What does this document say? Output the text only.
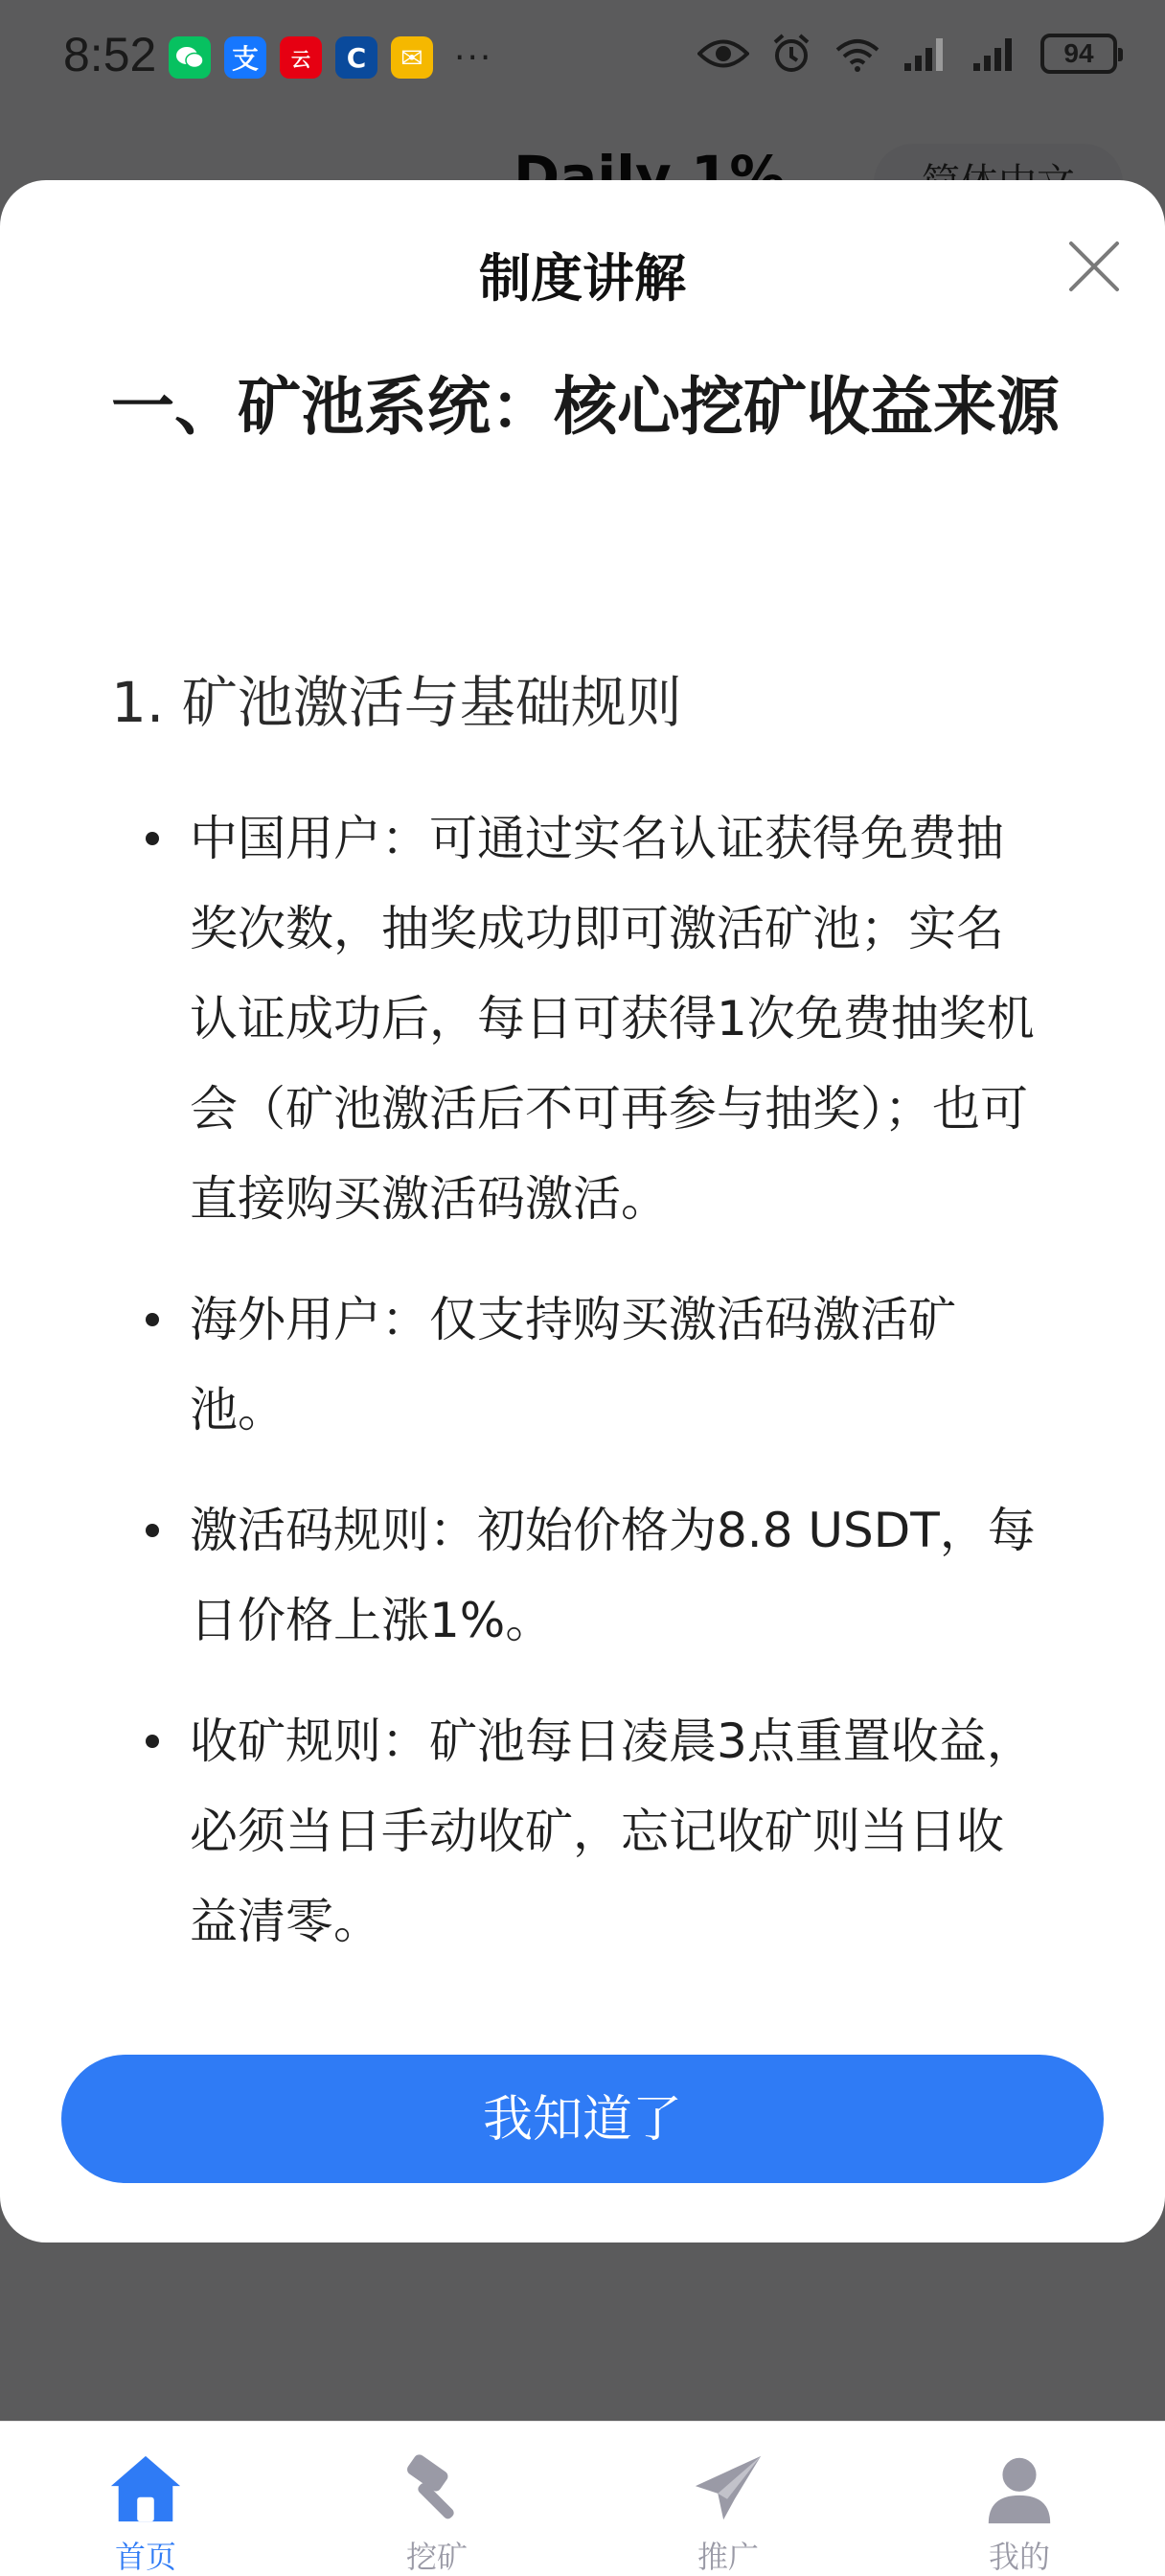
8:52	支	云	C	✉ ···	94
制度讲解
一、矿池系统：核心挖矿收益来源
1. 矿池激活与基础规则
中国用户：可通过实名认证获得免费抽奖次数，抽奖成功即可激活矿池；实名认证成功后，每日可获得1次免费抽奖机会（矿池激活后不可再参与抽奖）；也可直接购买激活码激活。
海外用户：仅支持购买激活码激活矿池。
激活码规则：初始价格为8.8 USDT，每日价格上涨1%。
收矿规则：矿池每日凌晨3点重置收益，必须当日手动收矿，忘记收矿则当日收益清零。
我知道了
首页	挖矿	推广	我的
